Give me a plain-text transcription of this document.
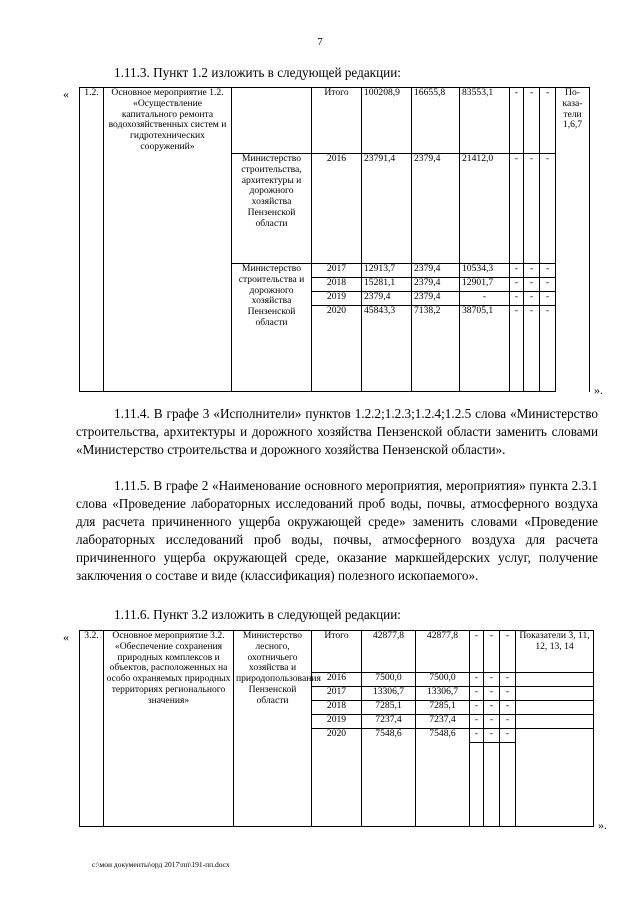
7
1.11.3. Пункт 1.2 изложить в следующей редакции:
« 1.2.	Основное мероприятие 1.2. «Осуществление капитального ремонта водохозяйственных систем и гидротехнических сооружений»		Итого	100208,9	16655,8	83553,1	-	-	-	По-
каза-
тели
1,6,7
		Министерство строительства, архитектуры и дорожного хозяйства Пензенской области	2016	23791,4	2379,4	21412,0	-	-	-	
		Министерство строительства и дорожного хозяйства Пензенской области	2017	12913,7	2379,4	10534,3	-	-	-	
			2018	15281,1	2379,4	12901,7	-	-	-	
			2019	2379,4	2379,4	-	-	-	-	
			2020	45843,3	7138,2	38705,1	-	-	-	
».
1.11.4. В графе 3 «Исполнители» пунктов 1.2.2;1.2.3;1.2.4;1.2.5 слова «Министерство строительства, архитектуры и дорожного хозяйства Пензенской области заменить словами «Министерство строительства и дорожного хозяйства Пензенской области».
1.11.5. В графе 2 «Наименование основного мероприятия, мероприятия» пункта 2.3.1 слова «Проведение лабораторных исследований проб воды, почвы, атмосферного воздуха для расчета причиненного ущерба окружающей среде» заменить словами «Проведение лабораторных исследований проб воды, почвы, атмосферного воздуха для расчета причиненного ущерба окружающей среде, оказание маркшейдерских услуг, получение заключения о составе и виде (классификация) полезного ископаемого».
1.11.6. Пункт 3.2 изложить в следующей редакции:
« 3.2.	Основное мероприятие 3.2. «Обеспечение сохранения природных комплексов и объектов, расположенных на особо охраняемых природных территориях регионального значения»	Министерство лесного, охотничьего хозяйства и природопользования Пензенской области	Итого	42877,8	42877,8	-	-	-	Показатели 3, 11, 12, 13, 14
			2016	7500,0	7500,0	-	-	-	
			2017	13306,7	13306,7	-	-	-	
			2018	7285,1	7285,1	-	-	-	
			2019	7237,4	7237,4	-	-	-	
			2020	7548,6	7548,6	-	-	-	

».
c:\мои документы\орд 2017\пп\191-пп.docx
